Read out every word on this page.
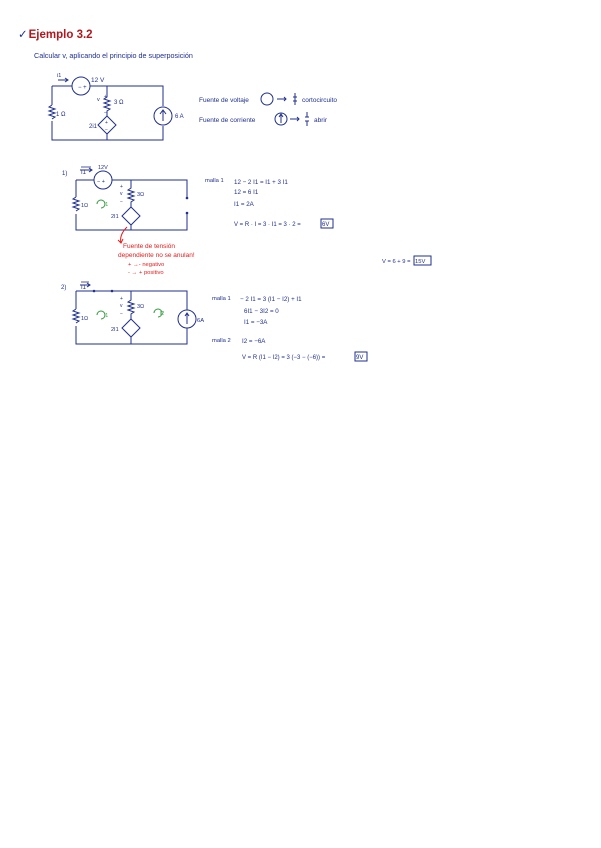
✓Ejemplo 3.2
Calcular v, aplicando el principio de superposición
12 V
i1
1 Ω
3 Ω
v
2i1
6 A
+
−
− +
+
−
Fuente de voltaje	cortocircuito
Fuente de corriente	abrir
1) I1
12V
− +
1Ω
3Ω
+
v
−
2I1
I1
Fuente de tensión
dependiente no se anulan!
+ →- negativo
- → + positivo
malla 1 12 − 2 I1 = I1 + 3 I1
12 = 6 I1
I1 = 2A
V = R · I = 3 · I1 = 3 · 2 =	6V
V = 6 + 9 = 15V
2) I1
1Ω
3Ω
+
v
−
2I1
I1	I2
6A
malla 1 − 2 I1 = 3 (I1 − I2) + I1
6I1 − 3I2 = 0
I1 = −3A
malla 2 I2 = −6A
V = R (I1 − I2) = 3 (−3 − (−6)) =	9V
